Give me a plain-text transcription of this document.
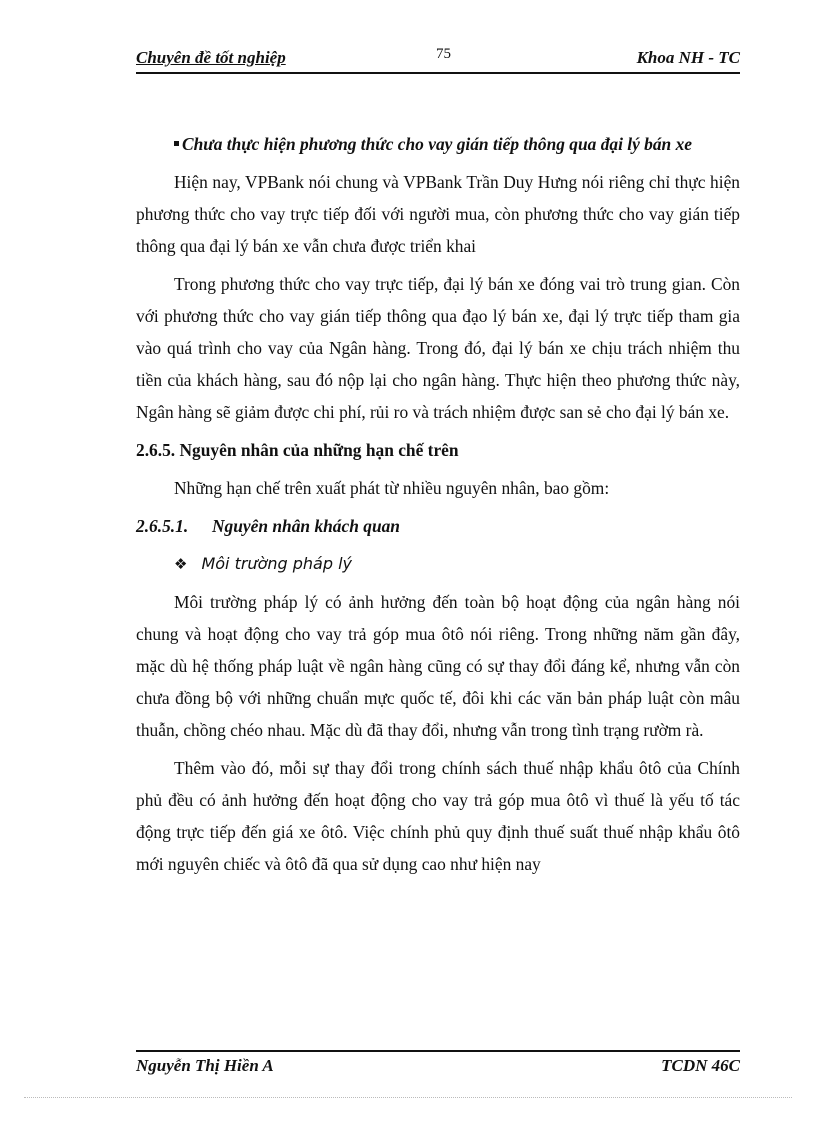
Chuyên đề tốt nghiệp	75	Khoa NH - TC

Chưa thực hiện phương thức cho vay gián tiếp thông qua đại lý bán xe

Hiện nay, VPBank nói chung và VPBank Trần Duy Hưng nói riêng chỉ thực hiện phương thức cho vay trực tiếp đối với người mua, còn phương thức cho vay gián tiếp thông qua đại lý bán xe vẫn chưa được triển khai

Trong phương thức cho vay trực tiếp, đại lý bán xe đóng vai trò trung gian. Còn với phương thức cho vay gián tiếp thông qua đạo lý bán xe, đại lý trực tiếp tham gia vào quá trình cho vay của Ngân hàng. Trong đó, đại lý bán xe chịu trách nhiệm thu tiền của khách hàng, sau đó nộp lại cho ngân hàng. Thực hiện theo phương thức này, Ngân hàng sẽ giảm được chi phí, rủi ro và trách nhiệm được san sẻ cho đại lý bán xe.

2.6.5. Nguyên nhân của những hạn chế trên

Những hạn chế trên xuất phát từ nhiều nguyên nhân, bao gồm:

2.6.5.1. Nguyên nhân khách quan

❖ Môi trường pháp lý

Môi trường pháp lý có ảnh hưởng đến toàn bộ hoạt động của ngân hàng nói chung và hoạt động cho vay trả góp mua ôtô nói riêng. Trong những năm gần đây, mặc dù hệ thống pháp luật về ngân hàng cũng có sự thay đổi đáng kể, nhưng vẫn còn chưa đồng bộ với những chuẩn mực quốc tế, đôi khi các văn bản pháp luật còn mâu thuẫn, chồng chéo nhau. Mặc dù đã thay đổi, nhưng vẫn trong tình trạng rườm rà.

Thêm vào đó, mỗi sự thay đổi trong chính sách thuế nhập khẩu ôtô của Chính phủ đều có ảnh hưởng đến hoạt động cho vay trả góp mua ôtô vì thuế là yếu tố tác động trực tiếp đến giá xe ôtô. Việc chính phủ quy định thuế suất thuế nhập khẩu ôtô mới nguyên chiếc và ôtô đã qua sử dụng cao như hiện nay

Nguyễn Thị Hiền A	TCDN 46C
